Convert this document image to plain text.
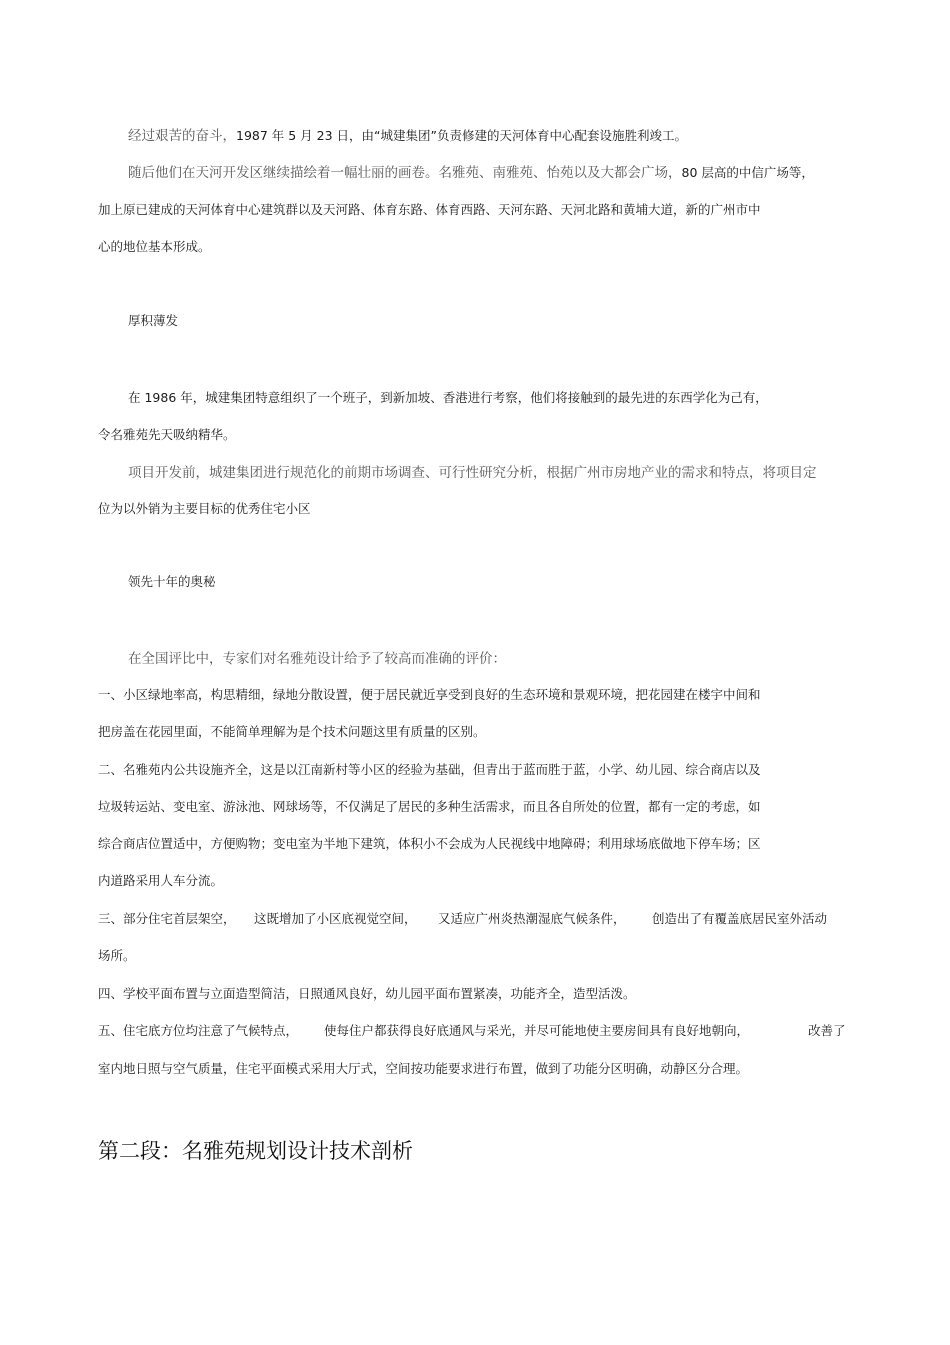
经过艰苦的奋斗，1987 年 5 月 23 日，由“城建集团”负责修建的天河体育中心配套设施胜利竣工。
随后他们在天河开发区继续描绘着一幅壮丽的画卷。名雅苑、南雅苑、怡苑以及大都会广场，80 层高的中信广场等，
加上原已建成的天河体育中心建筑群以及天河路、体育东路、体育西路、天河东路、天河北路和黄埔大道，新的广州市中
心的地位基本形成。
厚积薄发
在 1986 年，城建集团特意组织了一个班子，到新加坡、香港进行考察，他们将接触到的最先进的东西学化为己有，
令名雅苑先天吸纳精华。
项目开发前，城建集团进行规范化的前期市场调查、可行性研究分析，根据广州市房地产业的需求和特点，将项目定
位为以外销为主要目标的优秀住宅小区
领先十年的奥秘
在全国评比中，专家们对名雅苑设计给予了较高而准确的评价：
一、小区绿地率高，构思精细，绿地分散设置，便于居民就近享受到良好的生态环境和景观环境，把花园建在楼宇中间和
把房盖在花园里面，不能简单理解为是个技术问题这里有质量的区别。
二、名雅苑内公共设施齐全，这是以江南新村等小区的经验为基础，但青出于蓝而胜于蓝，小学、幼儿园、综合商店以及
垃圾转运站、变电室、游泳池、网球场等，不仅满足了居民的多种生活需求，而且各自所处的位置，都有一定的考虑，如
综合商店位置适中，方便购物；变电室为半地下建筑，体积小不会成为人民视线中地障碍；利用球场底做地下停车场；区
内道路采用人车分流。
三、部分住宅首层架空， 这既增加了小区底视觉空间， 又适应广州炎热潮湿底气候条件， 创造出了有覆盖底居民室外活动
场所。
四、学校平面布置与立面造型简洁，日照通风良好，幼儿园平面布置紧凑，功能齐全，造型活泼。
五、住宅底方位均注意了气候特点， 使每住户都获得良好底通风与采光，并尽可能地使主要房间具有良好地朝向，	改善了
室内地日照与空气质量，住宅平面模式采用大厅式，空间按功能要求进行布置，做到了功能分区明确，动静区分合理。
第二段：名雅苑规划设计技术剖析
